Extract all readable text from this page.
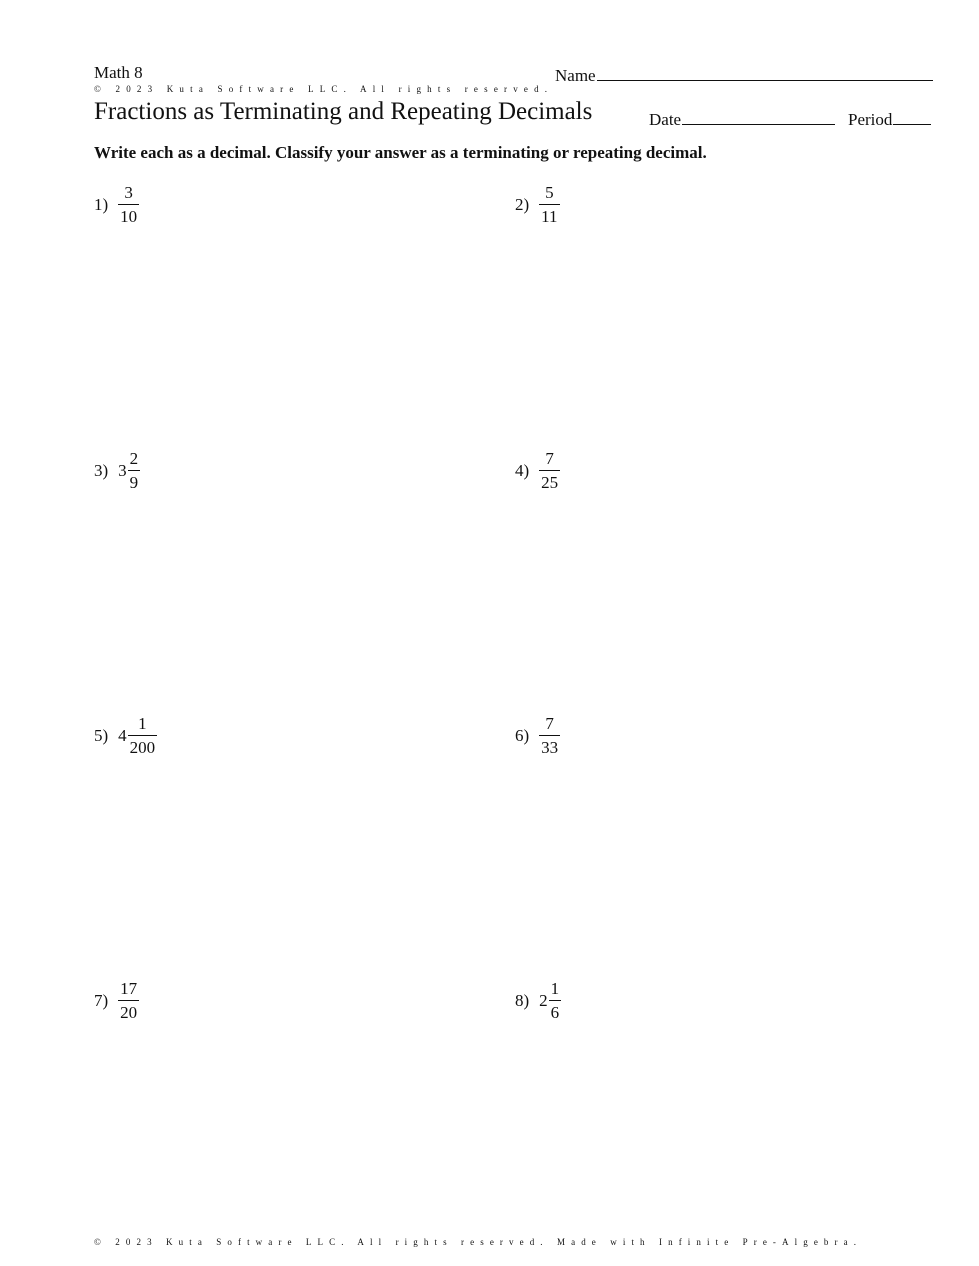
Math 8	Name
© 2023 Kuta Software LLC. All rights reserved.
Fractions as Terminating and Repeating Decimals	Date	Period
Write each as a decimal. Classify your answer as a terminating or repeating decimal.
$1) \frac{3}{10}$	$2) \frac{5}{11}$
3) $3 \frac{2}{9}$	$4) \frac{7}{25}$
5) $4 \frac{1}{200}$	$6) \frac{7}{33}$
$7) \frac{17}{20}$	8) $2 \frac{1}{6}$
© 2023 Kuta Software LLC. All rights reserved. Made with Infinite Pre-Algebra.
